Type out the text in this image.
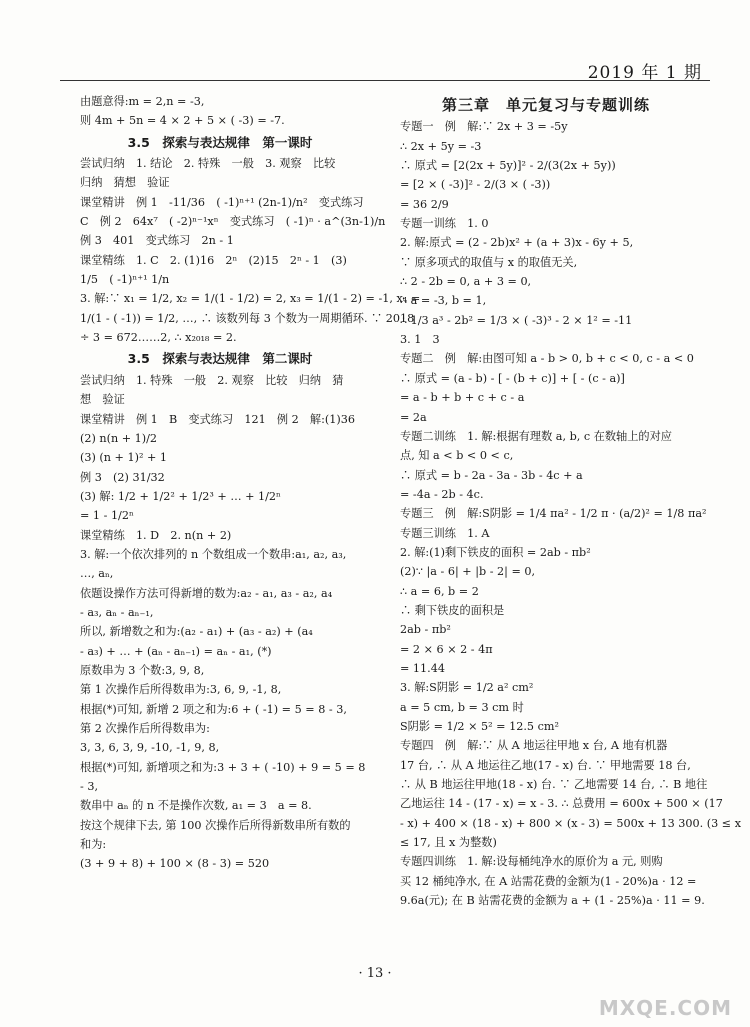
2019 年 1 期
由题意得:m = 2,n = -3,
则 4m + 5n = 4 × 2 + 5 × ( -3) = -7.
3.5　探索与表达规律　第一课时
尝试归纳　1. 结论　2. 特殊　一般　3. 观察　比较
归纳　猜想　验证
课堂精讲　例 1　-11/36　( -1)ⁿ⁺¹ (2n-1)/n²　变式练习
C　例 2　64x⁷　( -2)ⁿ⁻¹xⁿ　变式练习　( -1)ⁿ · a^(3n-1)/n
例 3　401　变式练习　2n - 1
课堂精练　1. C　2. (1)16　2ⁿ　(2)15　2ⁿ - 1　(3)
1/5　( -1)ⁿ⁺¹ 1/n
3. 解:∵ x₁ = 1/2, x₂ = 1/(1 - 1/2) = 2, x₃ = 1/(1 - 2) = -1, x₄ =
1/(1 - ( -1)) = 1/2, …, ∴ 该数列每 3 个数为一周期循环. ∵ 2018
÷ 3 = 672……2, ∴ x₂₀₁₈ = 2.
3.5　探索与表达规律　第二课时
尝试归纳　1. 特殊　一般　2. 观察　比较　归纳　猜
想　验证
课堂精讲　例 1　B　变式练习　121　例 2　解:(1)36
(2) n(n + 1)/2
(3) (n + 1)² + 1
例 3　(2) 31/32
(3) 解: 1/2 + 1/2² + 1/2³ + … + 1/2ⁿ
= 1 - 1/2ⁿ
课堂精练　1. D　2. n(n + 2)
3. 解:一个依次排列的 n 个数组成一个数串:a₁, a₂, a₃,
…, aₙ,
依题设操作方法可得新增的数为:a₂ - a₁, a₃ - a₂, a₄
- a₃, aₙ - aₙ₋₁,
所以, 新增数之和为:(a₂ - a₁) + (a₃ - a₂) + (a₄
- a₃) + … + (aₙ - aₙ₋₁) = aₙ - a₁, (*)
原数串为 3 个数:3, 9, 8,
第 1 次操作后所得数串为:3, 6, 9, -1, 8,
根据(*)可知, 新增 2 项之和为:6 + ( -1) = 5 = 8 - 3,
第 2 次操作后所得数串为:
3, 3, 6, 3, 9, -10, -1, 9, 8,
根据(*)可知, 新增项之和为:3 + 3 + ( -10) + 9 = 5 = 8
- 3,
数串中 aₙ 的 n 不是操作次数, a₁ = 3　a = 8.
按这个规律下去, 第 100 次操作后所得新数串所有数的
和为:
(3 + 9 + 8) + 100 × (8 - 3) = 520
第三章　单元复习与专题训练
专题一　例　解:∵ 2x + 3 = -5y
∴ 2x + 5y = -3
∴ 原式 = [2(2x + 5y)]² - 2/(3(2x + 5y))
= [2 × ( -3)]² - 2/(3 × ( -3))
= 36 2/9
专题一训练　1. 0
2. 解:原式 = (2 - 2b)x² + (a + 3)x - 6y + 5,
∵ 原多项式的取值与 x 的取值无关,
∴ 2 - 2b = 0, a + 3 = 0,
∴ a = -3, b = 1,
∴ 1/3 a³ - 2b² = 1/3 × ( -3)³ - 2 × 1² = -11
3. 1　3
专题二　例　解:由图可知 a - b > 0, b + c < 0, c - a < 0
∴ 原式 = (a - b) - [ - (b + c)] + [ - (c - a)]
= a - b + b + c + c - a
= 2a
专题二训练　1. 解:根据有理数 a, b, c 在数轴上的对应
点, 知 a < b < 0 < c,
∴ 原式 = b - 2a - 3a - 3b - 4c + a
= -4a - 2b - 4c.
专题三　例　解:S阴影 = 1/4 πa² - 1/2 π · (a/2)² = 1/8 πa²
专题三训练　1. A
2. 解:(1)剩下铁皮的面积 = 2ab - πb²
(2)∵ |a - 6| + |b - 2| = 0,
∴ a = 6, b = 2
∴ 剩下铁皮的面积是
2ab - πb²
= 2 × 6 × 2 - 4π
= 11.44
3. 解:S阴影 = 1/2 a² cm²
a = 5 cm, b = 3 cm 时
S阴影 = 1/2 × 5² = 12.5 cm²
专题四　例　解:∵ 从 A 地运往甲地 x 台, A 地有机器
17 台, ∴ 从 A 地运往乙地(17 - x) 台. ∵ 甲地需要 18 台,
∴ 从 B 地运往甲地(18 - x) 台. ∵ 乙地需要 14 台, ∴ B 地往
乙地运往 14 - (17 - x) = x - 3. ∴ 总费用 = 600x + 500 × (17
- x) + 400 × (18 - x) + 800 × (x - 3) = 500x + 13 300. (3 ≤ x
≤ 17, 且 x 为整数)
专题四训练　1. 解:设每桶纯净水的原价为 a 元, 则购
买 12 桶纯净水, 在 A 站需花费的金额为(1 - 20%)a · 12 =
9.6a(元); 在 B 站需花费的金额为 a + (1 - 25%)a · 11 = 9.
· 13 ·
MXQE.COM
